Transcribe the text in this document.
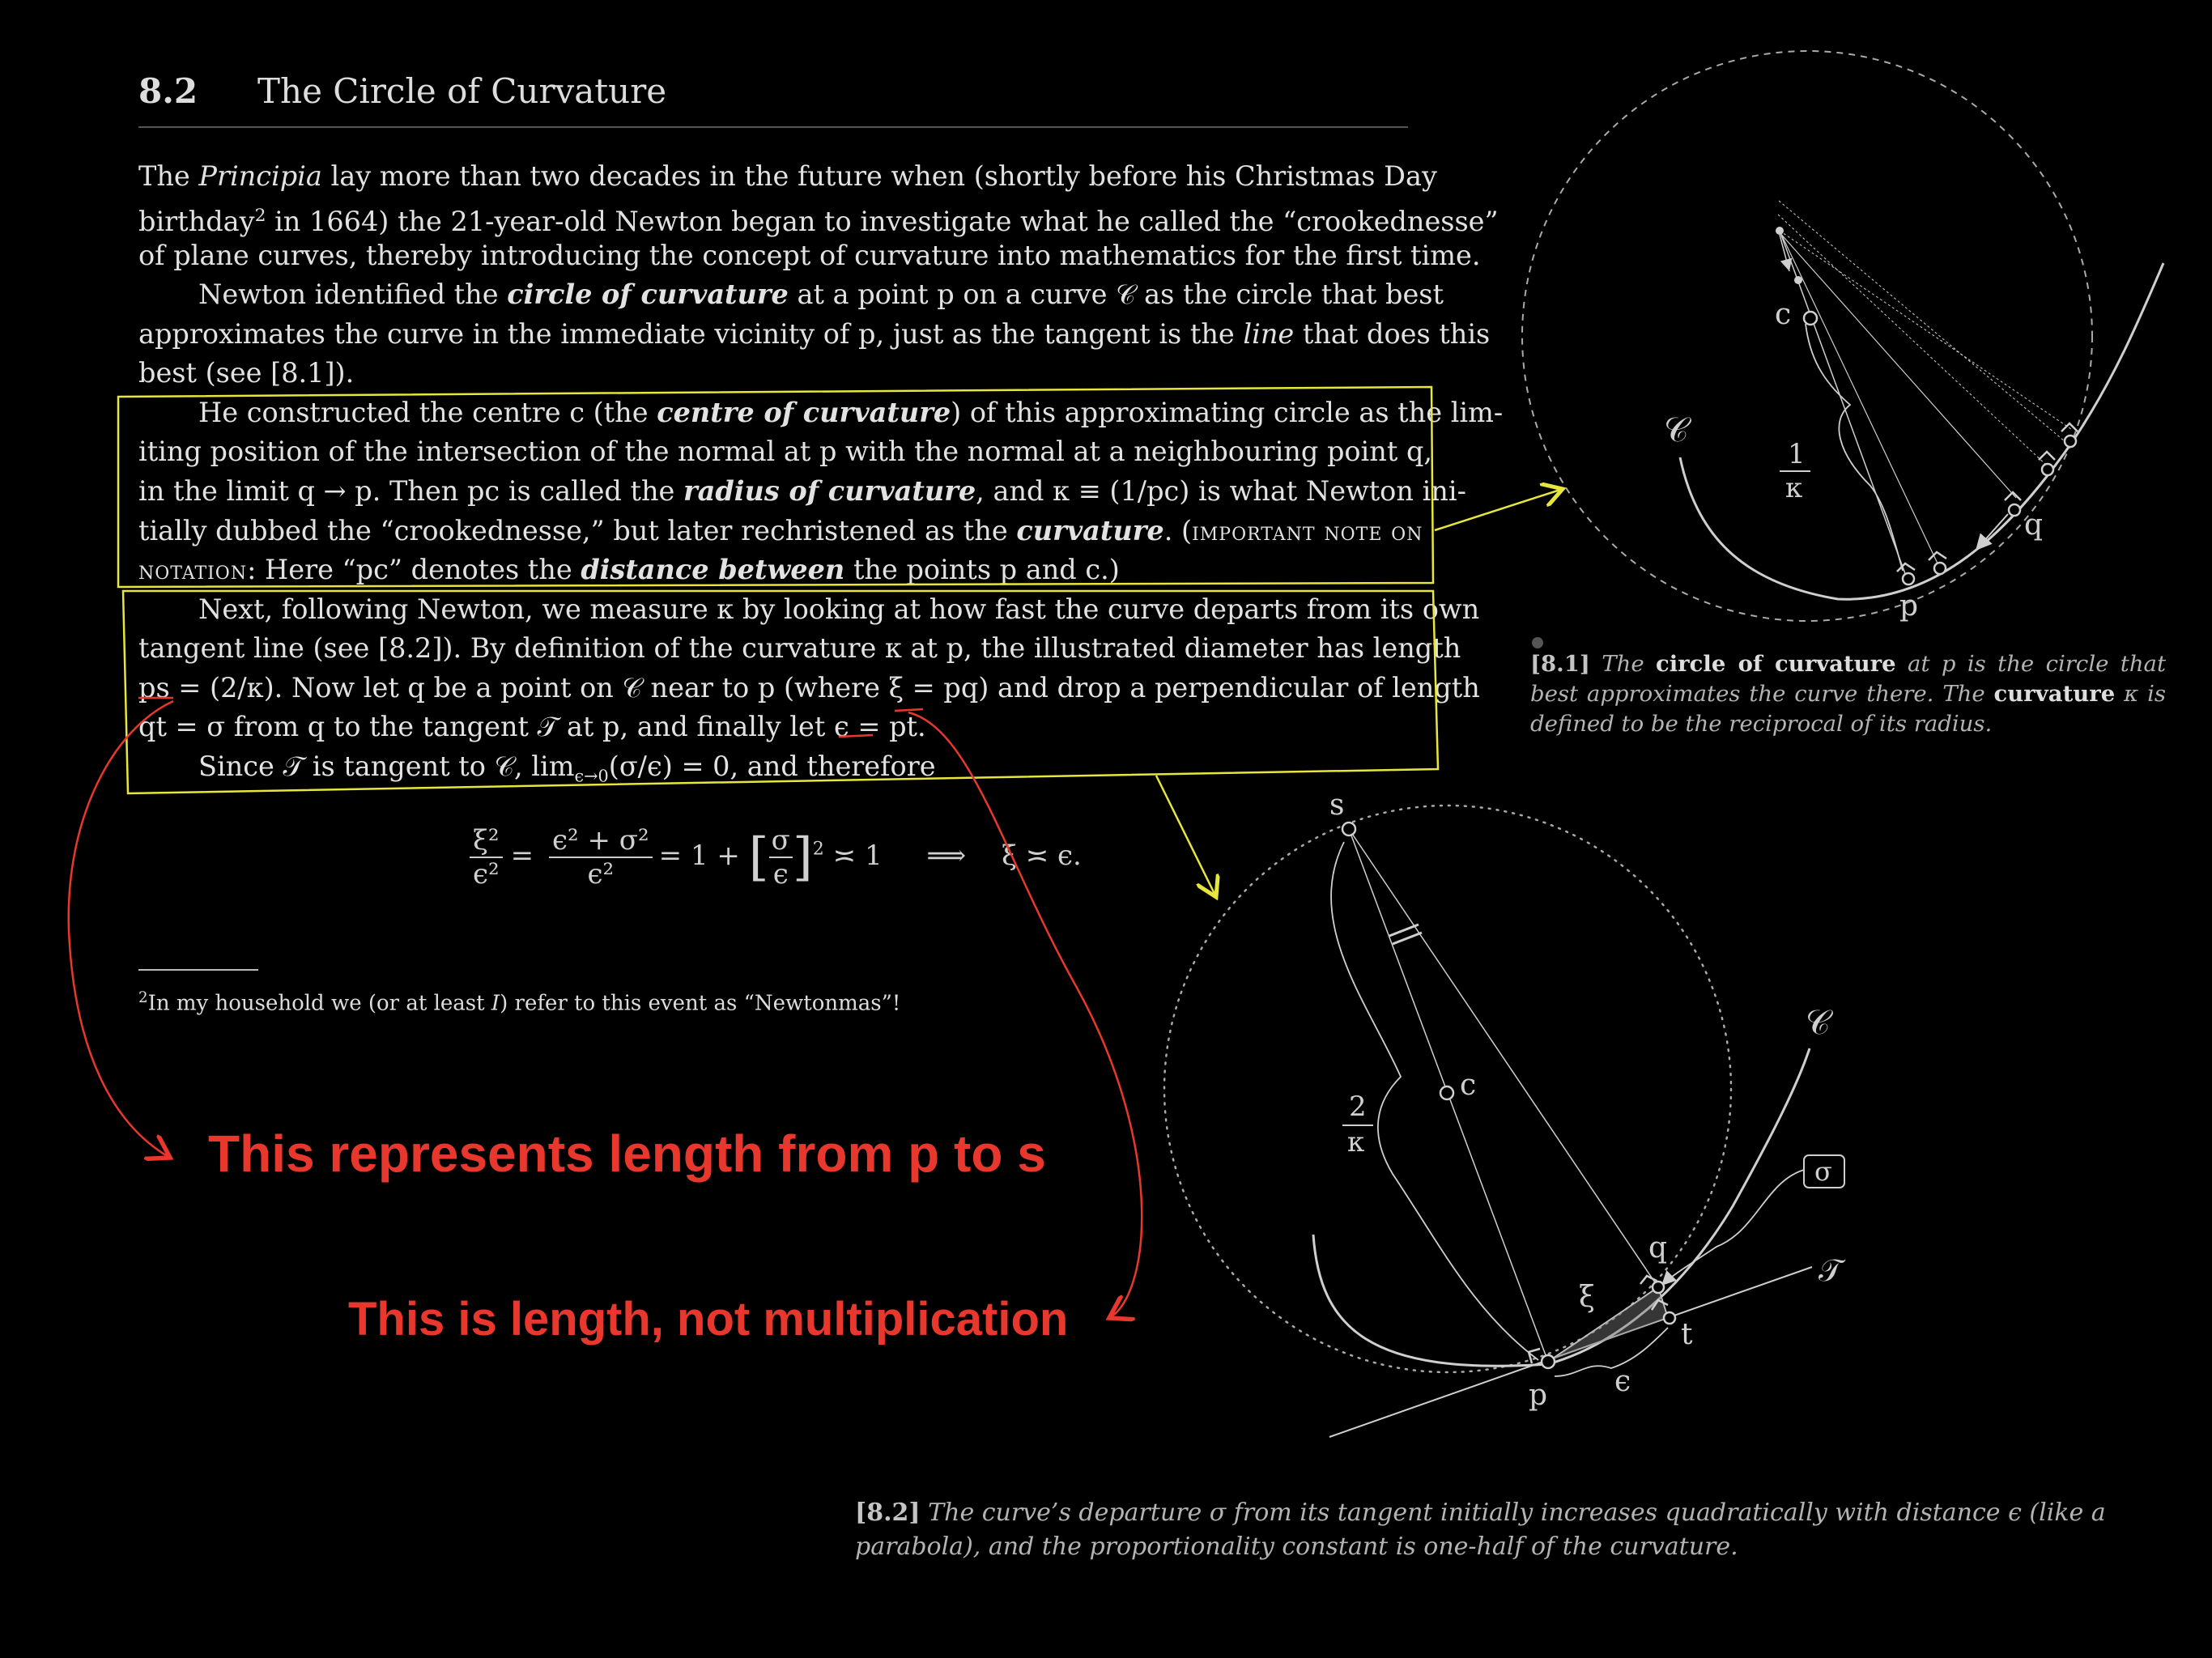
8.2 The Circle of Curvature
The Principia lay more than two decades in the future when (shortly before his Christmas Day
birthday$^2$ in 1664) the 21-year-old Newton began to investigate what he called the “crookednesse”
of plane curves, thereby introducing the concept of curvature into mathematics for the first time.
Newton identified the circle of curvature at a point p on a curve 𝒞 as the circle that best
approximates the curve in the immediate vicinity of p, just as the tangent is the line that does this
best (see [8.1]).
He constructed the centre c (the centre of curvature) of this approximating circle as the lim-
iting position of the intersection of the normal at p with the normal at a neighbouring point q,
in the limit q → p. Then pc is called the radius of curvature, and κ ≡ (1/pc) is what Newton ini-
tially dubbed the “crookednesse,” but later rechristened as the curvature. (important note on
notation: Here “pc” denotes the distance between the points p and c.)
Next, following Newton, we measure κ by looking at how fast the curve departs from its own
tangent line (see [8.2]). By definition of the curvature κ at p, the illustrated diameter has length
ps = (2/κ). Now let q be a point on 𝒞 near to p (where ξ = pq) and drop a perpendicular of length
qt = σ from q to the tangent 𝒯 at p, and finally let ϵ = pt.
Since 𝒯 is tangent to 𝒞, $\lim_{\epsilon\to 0}(\sigma/\epsilon) = 0$, and therefore
$\frac{\text{ξ²}}{\text{ϵ²}} = \frac{\text{ϵ² + σ²}}{\text{ϵ²}} = 1$ + [ $\frac{\sigma}{\epsilon} ]^2$ ≍ 1 ⟹ ξ ≍ ϵ.
$^2$In my household we (or at least I) refer to this event as “Newtonmas”!
[8.1] The circle of curvature at p is the circle that best approximates the curve there. The curvature κ is defined to be the reciprocal of its radius.
[8.2] The curve’s departure σ from its tangent initially increases quadratically with distance ϵ (like a parabola), and the proportionality constant is one-half of the curvature.
c
𝒞
q
p
1
κ
σ
s
c
𝒞
q
𝒯
t
ξ
p ϵ
2
κ
This represents length from p to s
This is length, not multiplication
